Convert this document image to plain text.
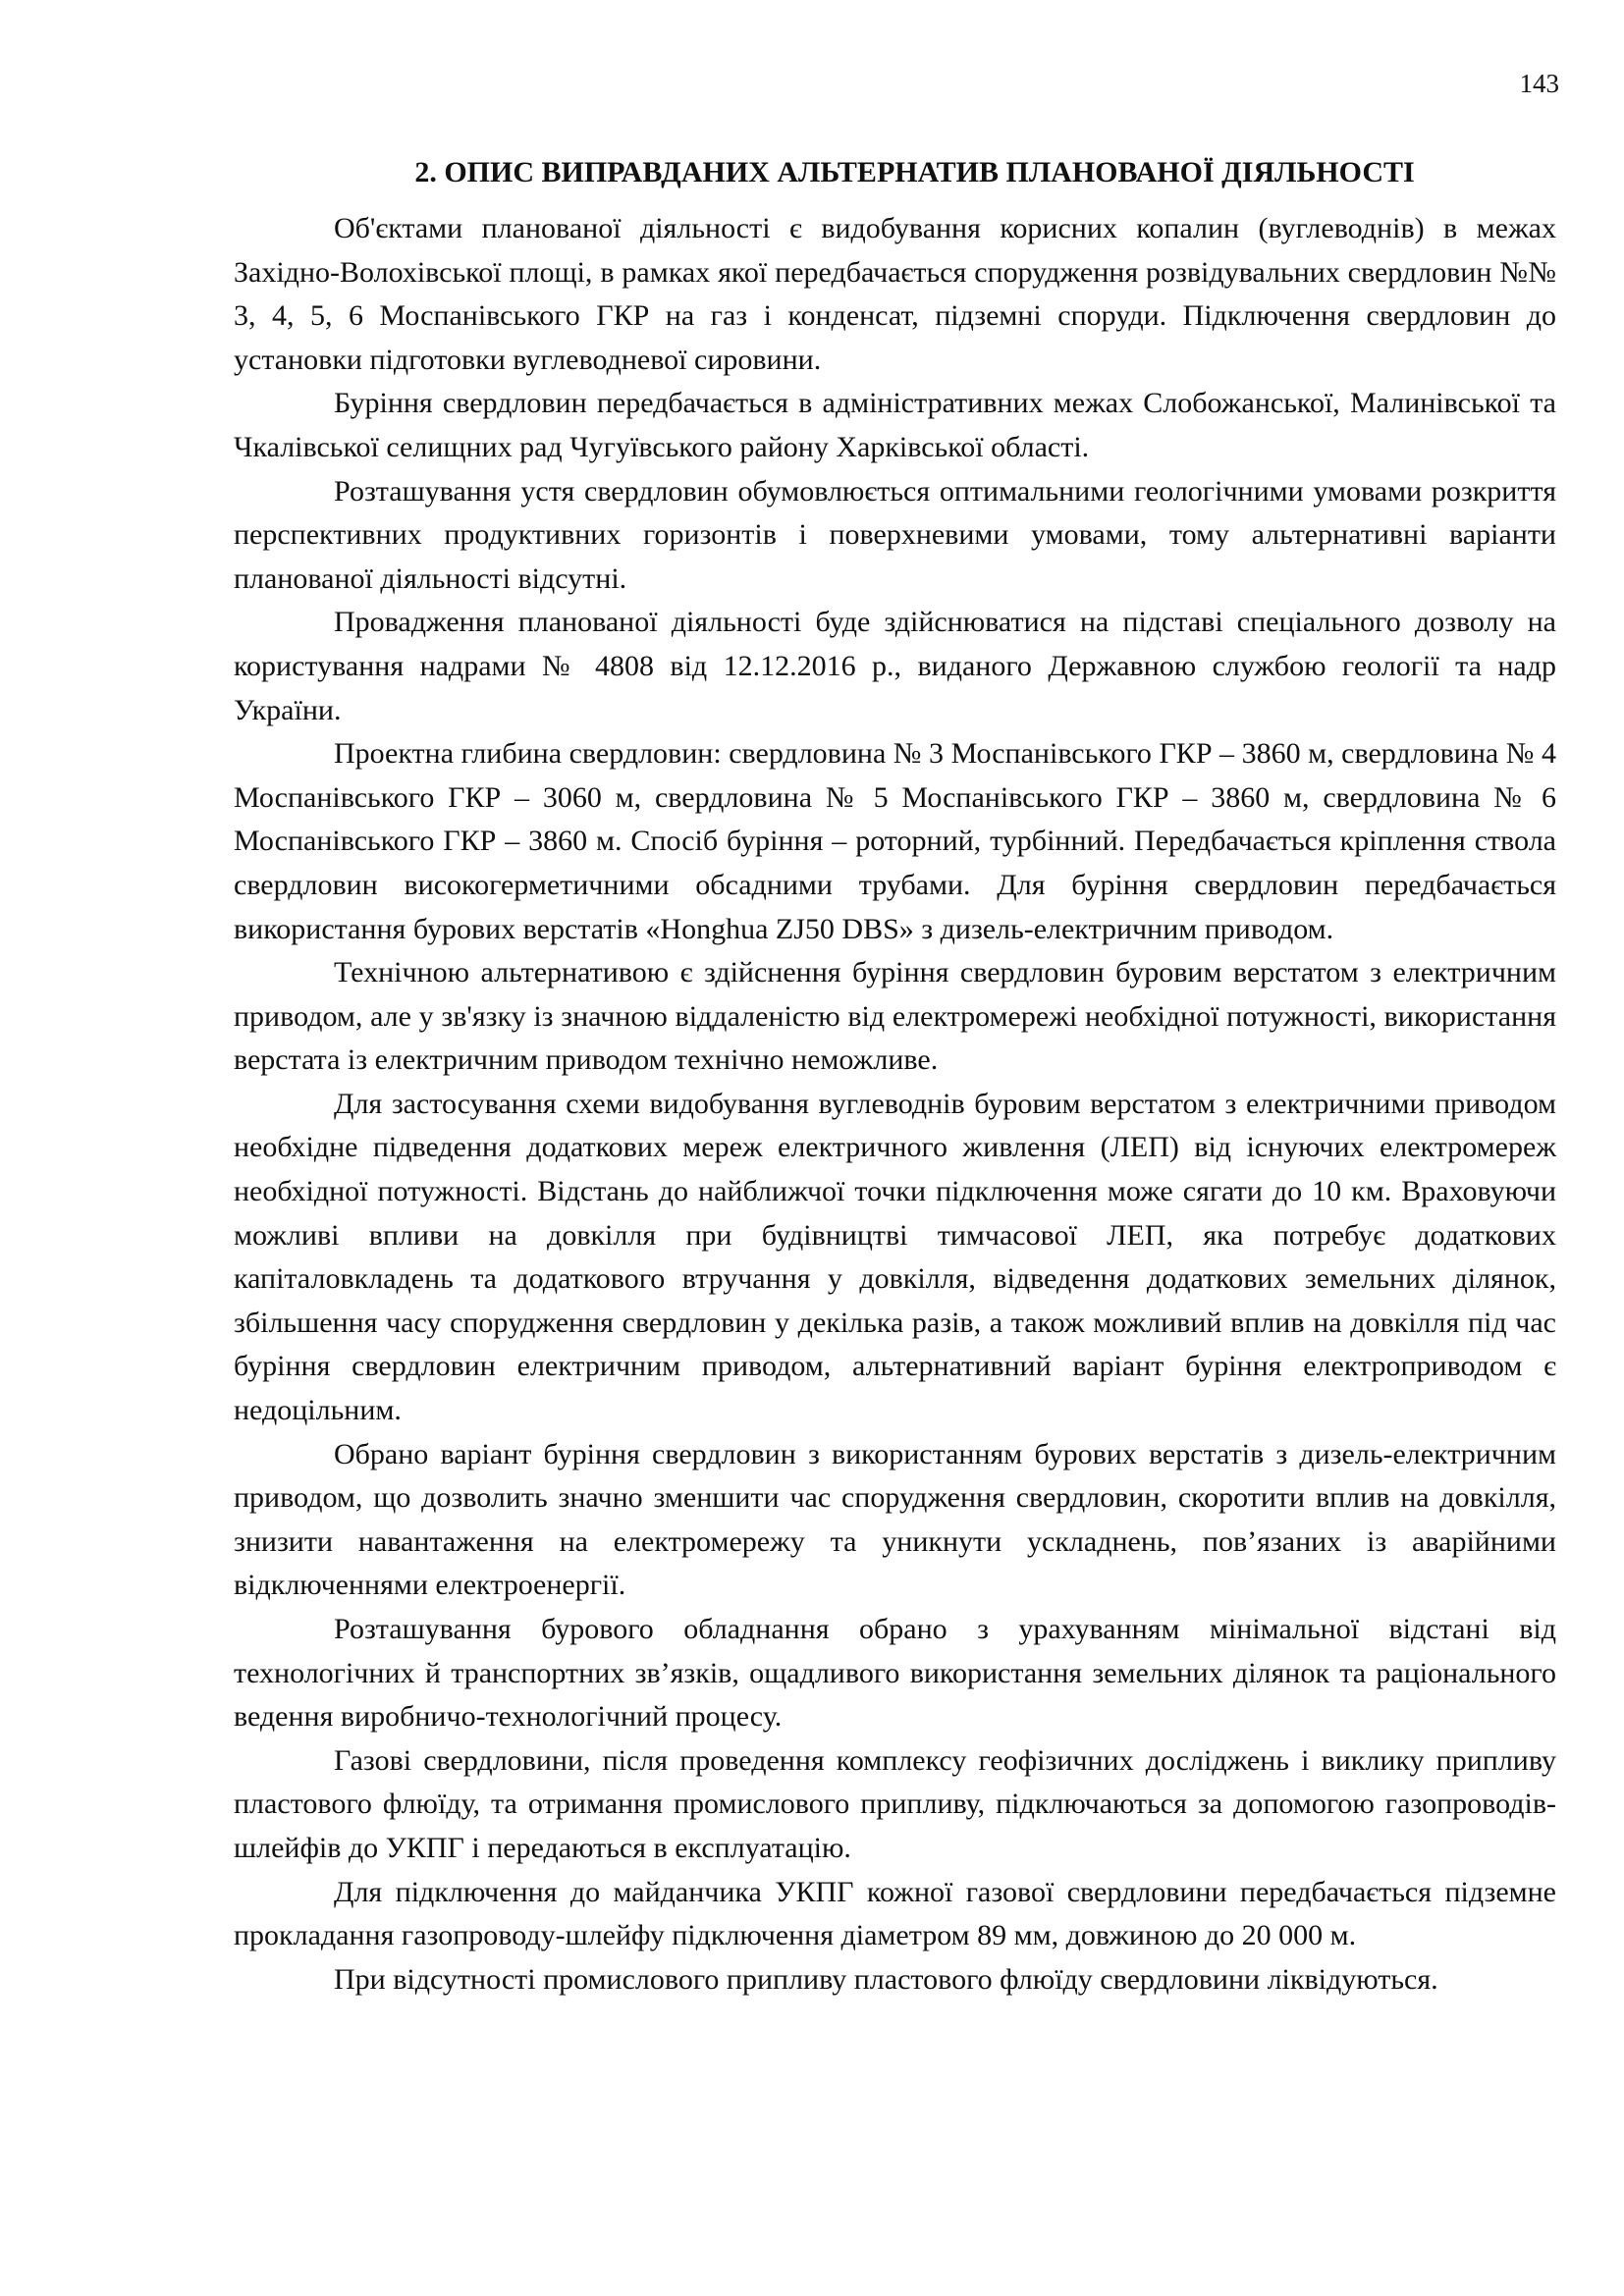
143
2. ОПИС ВИПРАВДАНИХ АЛЬТЕРНАТИВ ПЛАНОВАНОЇ ДІЯЛЬНОСТІ

Об'єктами планованої діяльності є видобування корисних копалин (вуглеводнів) в межах Західно-Волохівської площі, в рамках якої передбачається спорудження розвідувальних свердловин №№ 3, 4, 5, 6 Моспанівського ГКР на газ і конденсат, підземні споруди. Підключення свердловин до установки підготовки вуглеводневої сировини.

Буріння свердловин передбачається в адміністративних межах Слобожанської, Малинівської та Чкалівської селищних рад Чугуївського району Харківської області.

Розташування устя свердловин обумовлюється оптимальними геологічними умовами розкриття перспективних продуктивних горизонтів і поверхневими умовами, тому альтернативні варіанти планованої діяльності відсутні.

Провадження планованої діяльності буде здійснюватися на підставі спеціального дозволу на користування надрами № 4808 від 12.12.2016 р., виданого Державною службою геології та надр України.

Проектна глибина свердловин: свердловина № 3 Моспанівського ГКР – 3860 м, свердловина № 4 Моспанівського ГКР – 3060 м, свердловина № 5 Моспанівського ГКР – 3860 м, свердловина № 6 Моспанівського ГКР – 3860 м. Спосіб буріння – роторний, турбінний. Передбачається кріплення ствола свердловин високогерметичними обсадними трубами. Для буріння свердловин передбачається використання бурових верстатів «Honghua ZJ50 DBS» з дизель-електричним приводом.

Технічною альтернативою є здійснення буріння свердловин буровим верстатом з електричним приводом, але у зв'язку із значною віддаленістю від електромережі необхідної потужності, використання верстата із електричним приводом технічно неможливе.

Для застосування схеми видобування вуглеводнів буровим верстатом з електричними приводом необхідне підведення додаткових мереж електричного живлення (ЛЕП) від існуючих електромереж необхідної потужності. Відстань до найближчої точки підключення може сягати до 10 км. Враховуючи можливі впливи на довкілля при будівництві тимчасової ЛЕП, яка потребує додаткових капіталовкладень та додаткового втручання у довкілля, відведення додаткових земельних ділянок, збільшення часу спорудження свердловин у декілька разів, а також можливий вплив на довкілля під час буріння свердловин електричним приводом, альтернативний варіант буріння електроприводом є недоцільним.

Обрано варіант буріння свердловин з використанням бурових верстатів з дизель-електричним приводом, що дозволить значно зменшити час спорудження свердловин, скоротити вплив на довкілля, знизити навантаження на електромережу та уникнути ускладнень, пов’язаних із аварійними відключеннями електроенергії.

Розташування бурового обладнання обрано з урахуванням мінімальної відстані від технологічних й транспортних зв’язків, ощадливого використання земельних ділянок та раціонального ведення виробничо-технологічний процесу.

Газові свердловини, після проведення комплексу геофізичних досліджень і виклику припливу пластового флюїду, та отримання промислового припливу, підключаються за допомогою газопроводів-шлейфів до УКПГ і передаються в експлуатацію.

Для підключення до майданчика УКПГ кожної газової свердловини передбачається підземне прокладання газопроводу-шлейфу підключення діаметром 89 мм, довжиною до 20 000 м.

При відсутності промислового припливу пластового флюїду свердловини ліквідуються.
